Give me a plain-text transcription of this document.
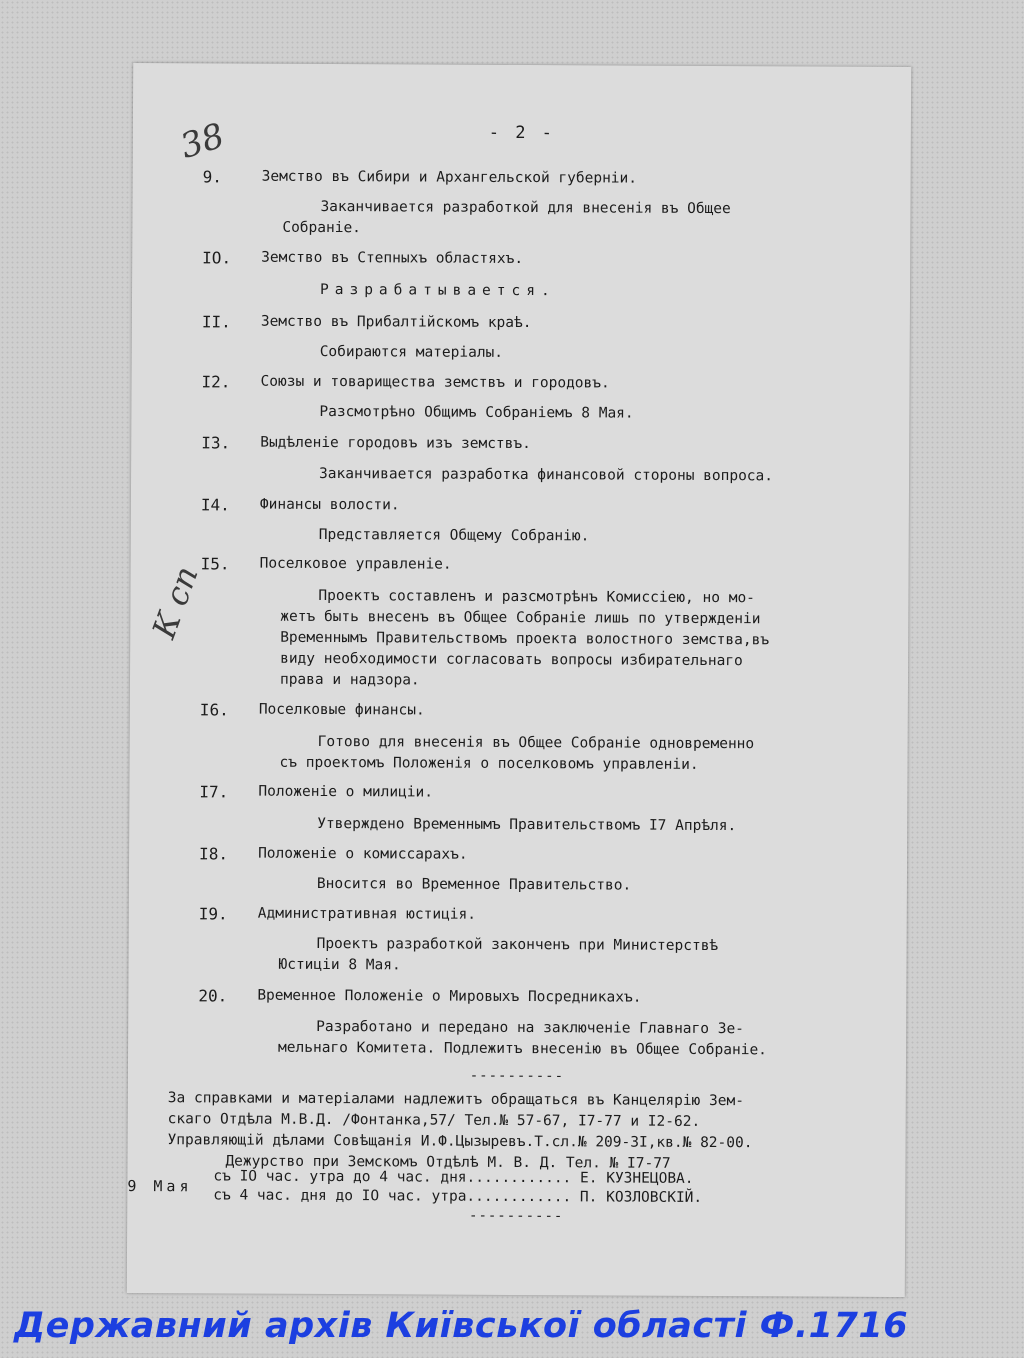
38
К сп
- 2 -
9.	Земство въ Сибири и Архангельской губерніи.
Заканчивается разработкой для внесенія въ Общее
Собраніе.
IO.	Земство въ Степныхъ областяхъ.
Разрабатывается.
II.	Земство въ Прибалтійскомъ краѣ.
Собираются матеріалы.
I2.	Союзы и товарищества земствъ и городовъ.
Разсмотрѣно Общимъ Собраніемъ 8 Мая.
I3.	Выдѣленіе городовъ изъ земствъ.
Заканчивается разработка финансовой стороны вопроса.
I4.	Финансы волости.
Представляется Общему Собранію.
I5.	Поселковое управленіе.
Проектъ составленъ и разсмотрѣнъ Комиссіею, но мо-
жетъ быть внесенъ въ Общее Собраніе лишь по утвержденіи
Временнымъ Правительствомъ проекта волостного земства,въ
виду необходимости согласовать вопросы избирательнаго
права и надзора.
I6.	Поселковые финансы.
Готово для внесенія въ Общее Собраніе одновременно
съ проектомъ Положенія о поселковомъ управленіи.
I7.	Положеніе о милиціи.
Утверждено Временнымъ Правительствомъ I7 Апрѣля.
I8.	Положеніе о комиссарахъ.
Вносится во Временное Правительство.
I9.	Административная юстиція.
Проектъ разработкой законченъ при Министерствѣ
Юстиціи 8 Мая.
20.	Временное Положеніе о Мировыхъ Посредникахъ.
Разработано и передано на заключеніе Главнаго Зе-
мельнаго Комитета. Подлежитъ внесенію въ Общее Собраніе.
----------
За справками и матеріалами надлежитъ обращаться въ Канцелярію Зем-
скаго Отдѣла М.В.Д. /Фонтанка,57/ Тел.№ 57-67, I7-77 и I2-62.
Управляющій дѣлами Совѣщанія И.Ф.Цызыревъ.Т.сл.№ 209-3I,кв.№ 82-00.
Дежурство при Земскомъ Отдѣлѣ М. В. Д. Тел. № I7-77
9 Мая съ IO час. утра до 4 час. дня............ Е. КУЗНЕЦОВА.
съ 4 час. дня до IO час. утра............ П. КОЗЛОВСКІЙ.
----------
Державний архів Київської області Ф.1716
